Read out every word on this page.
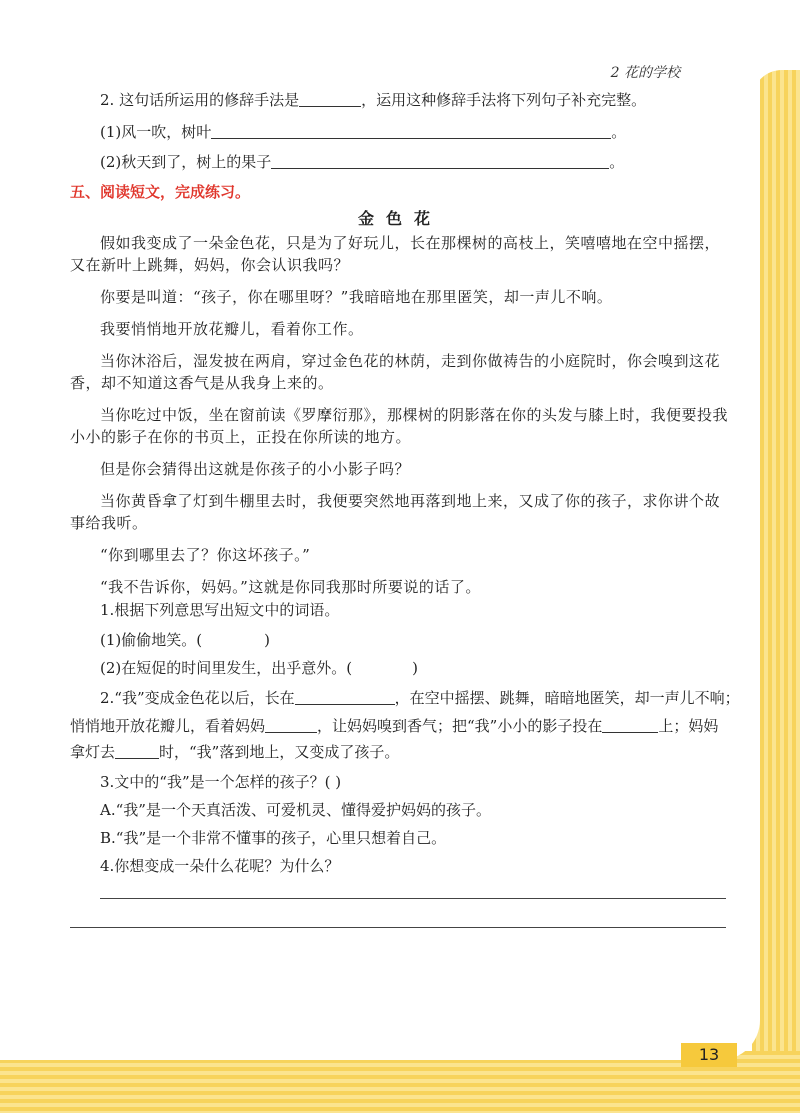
2 花的学校
2. 这句话所运用的修辞手法是	，运用这种修辞手法将下列句子补充完整。
(1)风一吹，树叶	。
(2)秋天到了，树上的果子	。
五、阅读短文，完成练习。
金色花
假如我变成了一朵金色花，只是为了好玩儿，长在那棵树的高枝上，笑嘻嘻地在空中摇摆，又在新叶上跳舞，妈妈，你会认识我吗？
你要是叫道：“孩子，你在哪里呀？”我暗暗地在那里匿笑，却一声儿不响。
我要悄悄地开放花瓣儿，看着你工作。
当你沐浴后，湿发披在两肩，穿过金色花的林荫，走到你做祷告的小庭院时，你会嗅到这花香，却不知道这香气是从我身上来的。
当你吃过中饭，坐在窗前读《罗摩衍那》，那棵树的阴影落在你的头发与膝上时，我便要投我小小的影子在你的书页上，正投在你所读的地方。
但是你会猜得出这就是你孩子的小小影子吗？
当你黄昏拿了灯到牛棚里去时，我便要突然地再落到地上来，又成了你的孩子，求你讲个故事给我听。
“你到哪里去了？你这坏孩子。”
“我不告诉你，妈妈。”这就是你同我那时所要说的话了。
1.根据下列意思写出短文中的词语。
(1)偷偷地笑。(	)
(2)在短促的时间里发生，出乎意外。(	)
2.“我”变成金色花以后，长在	，在空中摇摆、跳舞，暗暗地匿笑，却一声儿不响；
悄悄地开放花瓣儿，看着妈妈	，让妈妈嗅到香气；把“我”小小的影子投在	上；妈妈
拿灯去	时，“我”落到地上，又变成了孩子。
3.文中的“我”是一个怎样的孩子？( )
A.“我”是一个天真活泼、可爱机灵、懂得爱护妈妈的孩子。
B.“我”是一个非常不懂事的孩子，心里只想着自己。
4.你想变成一朵什么花呢？为什么？
13
